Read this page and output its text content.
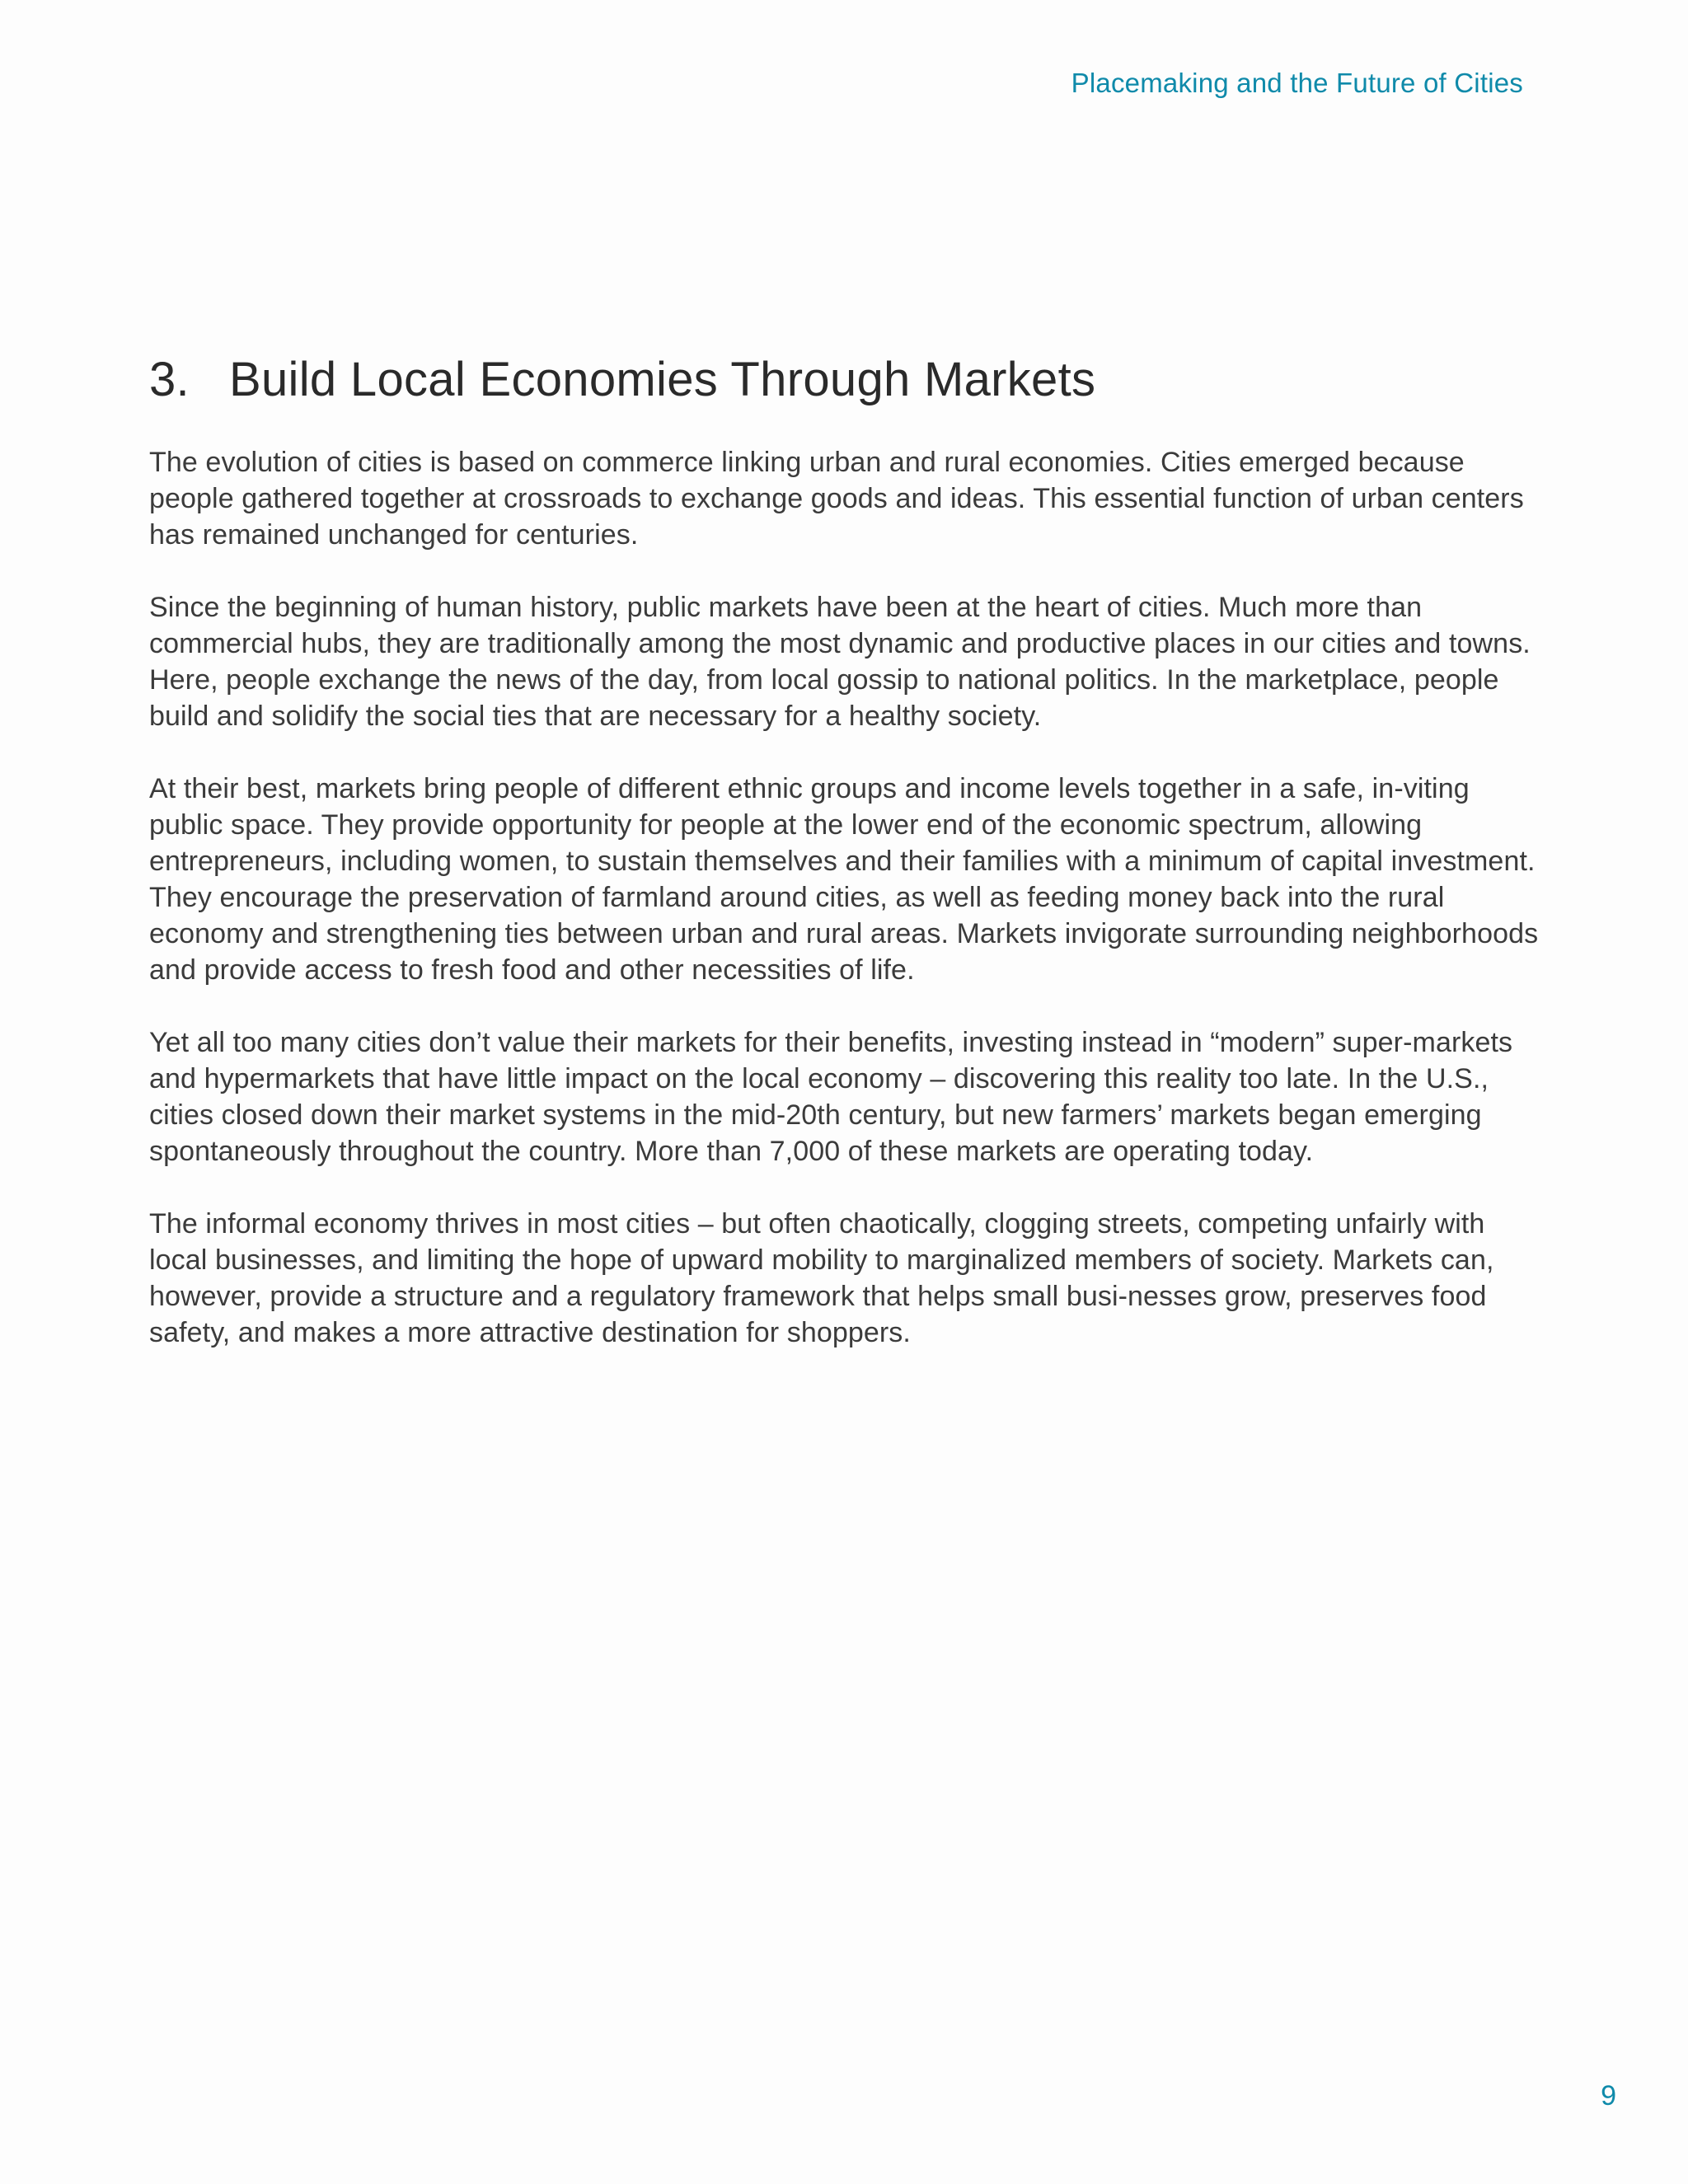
Placemaking and the Future of Cities
3. Build Local Economies Through Markets

The evolution of cities is based on commerce linking urban and rural economies. Cities emerged because people gathered together at crossroads to exchange goods and ideas. This essential function of urban centers has remained unchanged for centuries.

Since the beginning of human history, public markets have been at the heart of cities. Much more than commercial hubs, they are traditionally among the most dynamic and productive places in our cities and towns. Here, people exchange the news of the day, from local gossip to national politics. In the marketplace, people build and solidify the social ties that are necessary for a healthy society.

At their best, markets bring people of different ethnic groups and income levels together in a safe, in-viting public space. They provide opportunity for people at the lower end of the economic spectrum, allowing entrepreneurs, including women, to sustain themselves and their families with a minimum of capital investment. They encourage the preservation of farmland around cities, as well as feeding money back into the rural economy and strengthening ties between urban and rural areas. Markets invigorate surrounding neighborhoods and provide access to fresh food and other necessities of life.

Yet all too many cities don’t value their markets for their benefits, investing instead in “modern” super-markets and hypermarkets that have little impact on the local economy – discovering this reality too late. In the U.S., cities closed down their market systems in the mid-20th century, but new farmers’ markets began emerging spontaneously throughout the country. More than 7,000 of these markets are operating today.

The informal economy thrives in most cities – but often chaotically, clogging streets, competing unfairly with local businesses, and limiting the hope of upward mobility to marginalized members of society. Markets can, however, provide a structure and a regulatory framework that helps small busi-nesses grow, preserves food safety, and makes a more attractive destination for shoppers.

9
